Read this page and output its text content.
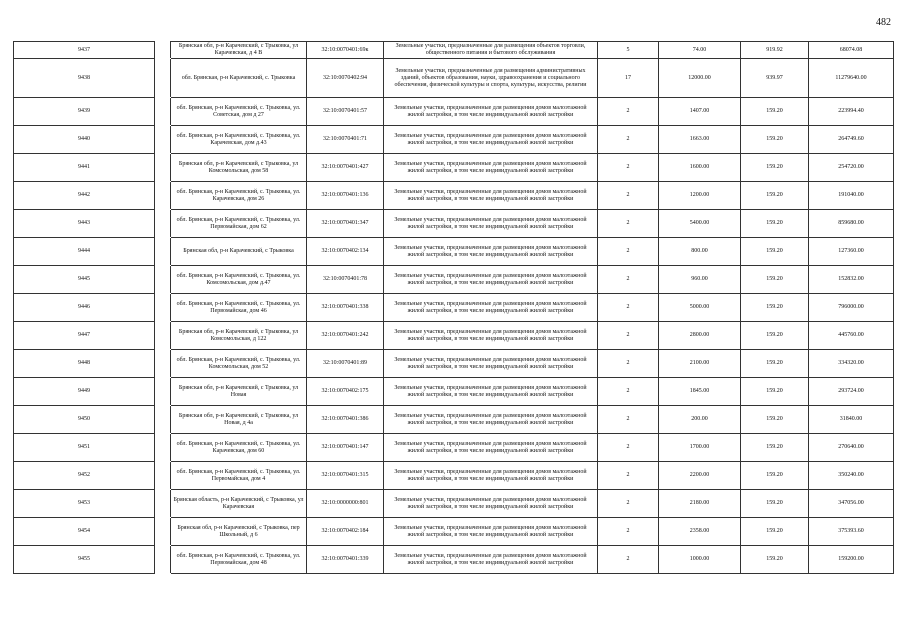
482
9437		Брянская обл, р-н Карачевский, с Трыковка, ул Карачевская, д 4 В	32:10:0070401:69к	Земельные участки, предназначенные для размещения объектов торговли, общественного питания и бытового обслуживания	5	74.00	919.92	68074.08
9438		обл. Брянская, р-н Карачевский, с. Трыковка	32:10:0070402:94	Земельные участки, предназначенные для размещения административных зданий, объектов образования, науки, здравоохранения и социального обеспечения, физической культуры и спорта, культуры, искусства, религии	17	12000.00	939.97	11279640.00
9439		обл. Брянская, р-н Карачевский, с. Трыковка, ул. Советская, дом д 27	32:10:0070401:57	Земельные участки, предназначенные для размещения домов малоэтажной жилой застройки, в том числе индивидуальной жилой застройки	2	1407.00	159.20	223994.40
9440		обл. Брянская, р-н Карачевский, с. Трыковка, ул. Карачевская, дом д.43	32:10:0070401:71	Земельные участки, предназначенные для размещения домов малоэтажной жилой застройки, в том числе индивидуальной жилой застройки	2	1663.00	159.20	264749.60
9441		Брянская обл, р-н Карачевский, с Трыковка, ул Комсомольская, дом 58	32:10:0070401:427	Земельные участки, предназначенные для размещения домов малоэтажной жилой застройки, в том числе индивидуальной жилой застройки	2	1600.00	159.20	254720.00
9442		обл. Брянская, р-н Карачевский, с. Трыковка, ул. Карачевская, дом 26	32:10:0070401:136	Земельные участки, предназначенные для размещения домов малоэтажной жилой застройки, в том числе индивидуальной жилой застройки	2	1200.00	159.20	191040.00
9443		обл. Брянская, р-н Карачевский, с. Трыковка, ул. Первомайская, дом 62	32:10:0070401:347	Земельные участки, предназначенные для размещения домов малоэтажной жилой застройки, в том числе индивидуальной жилой застройки	2	5400.00	159.20	859680.00
9444		Брянская обл, р-н Карачевский, с Трыковка	32:10:0070402:134	Земельные участки, предназначенные для размещения домов малоэтажной жилой застройки, в том числе индивидуальной жилой застройки	2	800.00	159.20	127360.00
9445		обл. Брянская, р-н Карачевский, с. Трыковка, ул. Комсомольская, дом д.47	32:10:0070401:78	Земельные участки, предназначенные для размещения домов малоэтажной жилой застройки, в том числе индивидуальной жилой застройки	2	960.00	159.20	152832.00
9446		обл. Брянская, р-н Карачевский, с. Трыковка, ул. Первомайская, дом 46	32:10:0070401:338	Земельные участки, предназначенные для размещения домов малоэтажной жилой застройки, в том числе индивидуальной жилой застройки	2	5000.00	159.20	796000.00
9447		Брянская обл, р-н Карачевский, с Трыковка, ул Комсомольская, д 122	32:10:0070401:242	Земельные участки, предназначенные для размещения домов малоэтажной жилой застройки, в том числе индивидуальной жилой застройки	2	2800.00	159.20	445760.00
9448		обл. Брянская, р-н Карачевский, с. Трыковка, ул. Комсомольская, дом 52	32:10:0070401:89	Земельные участки, предназначенные для размещения домов малоэтажной жилой застройки, в том числе индивидуальной жилой застройки	2	2100.00	159.20	334320.00
9449		Брянская обл, р-н Карачевский, с Трыковка, ул Новая	32:10:0070402:175	Земельные участки, предназначенные для размещения домов малоэтажной жилой застройки, в том числе индивидуальной жилой застройки	2	1845.00	159.20	293724.00
9450		Брянская обл, р-н Карачевский, с Трыковка, ул Новая, д 4а	32:10:0070401:386	Земельные участки, предназначенные для размещения домов малоэтажной жилой застройки, в том числе индивидуальной жилой застройки	2	200.00	159.20	31840.00
9451		обл. Брянская, р-н Карачевский, с. Трыковка, ул. Карачевская, дом 60	32:10:0070401:147	Земельные участки, предназначенные для размещения домов малоэтажной жилой застройки, в том числе индивидуальной жилой застройки	2	1700.00	159.20	270640.00
9452		обл. Брянская, р-н Карачевский, с. Трыковка, ул. Первомайская, дом 4	32:10:0070401:315	Земельные участки, предназначенные для размещения домов малоэтажной жилой застройки, в том числе индивидуальной жилой застройки	2	2200.00	159.20	350240.00
9453		Брянская область, р-н Карачевский, с Трыковка, ул Карачевская	32:10:0000000:801	Земельные участки, предназначенные для размещения домов малоэтажной жилой застройки, в том числе индивидуальной жилой застройки	2	2180.00	159.20	347056.00
9454		Брянская обл, р-н Карачевский, с Трыковка, пер Школьный, д 6	32:10:0070402:184	Земельные участки, предназначенные для размещения домов малоэтажной жилой застройки, в том числе индивидуальной жилой застройки	2	2358.00	159.20	375393.60
9455		обл. Брянская, р-н Карачевский, с. Трыковка, ул. Первомайская, дом 48	32:10:0070401:339	Земельные участки, предназначенные для размещения домов малоэтажной жилой застройки, в том числе индивидуальной жилой застройки	2	1000.00	159.20	159200.00
